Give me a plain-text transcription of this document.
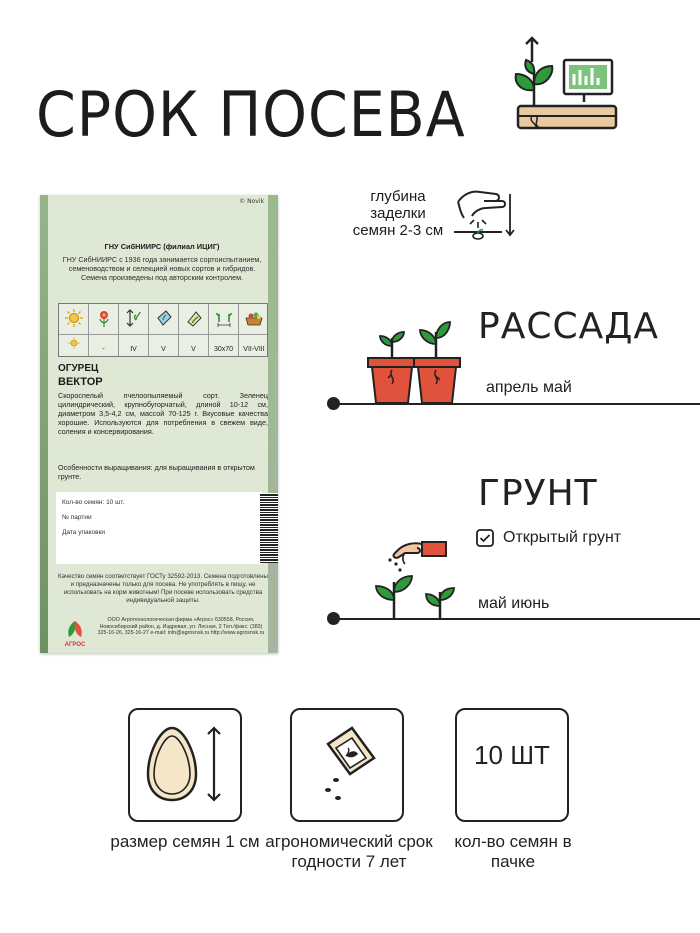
СРОК ПОСЕВА
© Novik
ГНУ СибНИИРС (филиал ИЦИГ)
ГНУ СибНИИРС с 1936 года занимается сортоиспытанием, семеноводством и селекцией новых сортов и гибридов. Семена произведены под авторским контролем.
-	IV	V	V	30x70	VII-VIII
ОГУРЕЦ
ВЕКТОР
Скороспелый пчелоопыляемый сорт. Зеленец цилиндрический, крупнобугорчатый, длиной 10-12 см, диаметром 3,5-4,2 см, массой 70-125 г. Вкусовые качества хорошие. Используются для потребления в свежем виде, соления и консервирования.
Особенности выращивания: для выращивания в открытом грунте.
Кол-во семян: 10 шт.
№ партии
Дата упаковки
Качество семян соответствует ГОСТу 32592-2013. Семена подготовлены и предназначены только для посева. Не употреблять в пищу, не использовать на корм животным! При посеве использовать средства индивидуальной защиты.
АГРОС
ООО Агротехнологическая фирма «Агрос» 630558, Россия, Новосибирский район, д. Издревая, ул. Лесная, 2 Тел./факс: (383) 325-16-26, 325-16-27 e-mail: info@agrosnsk.ru http://www.agrosnsk.ru
глубина заделки семян 2-3 см
РАССАДА
апрель май
ГРУНТ
Открытый грунт
май июнь
размер семян 1 см агрономический срок годности 7 лет
10 ШТ
кол-во семян в пачке
